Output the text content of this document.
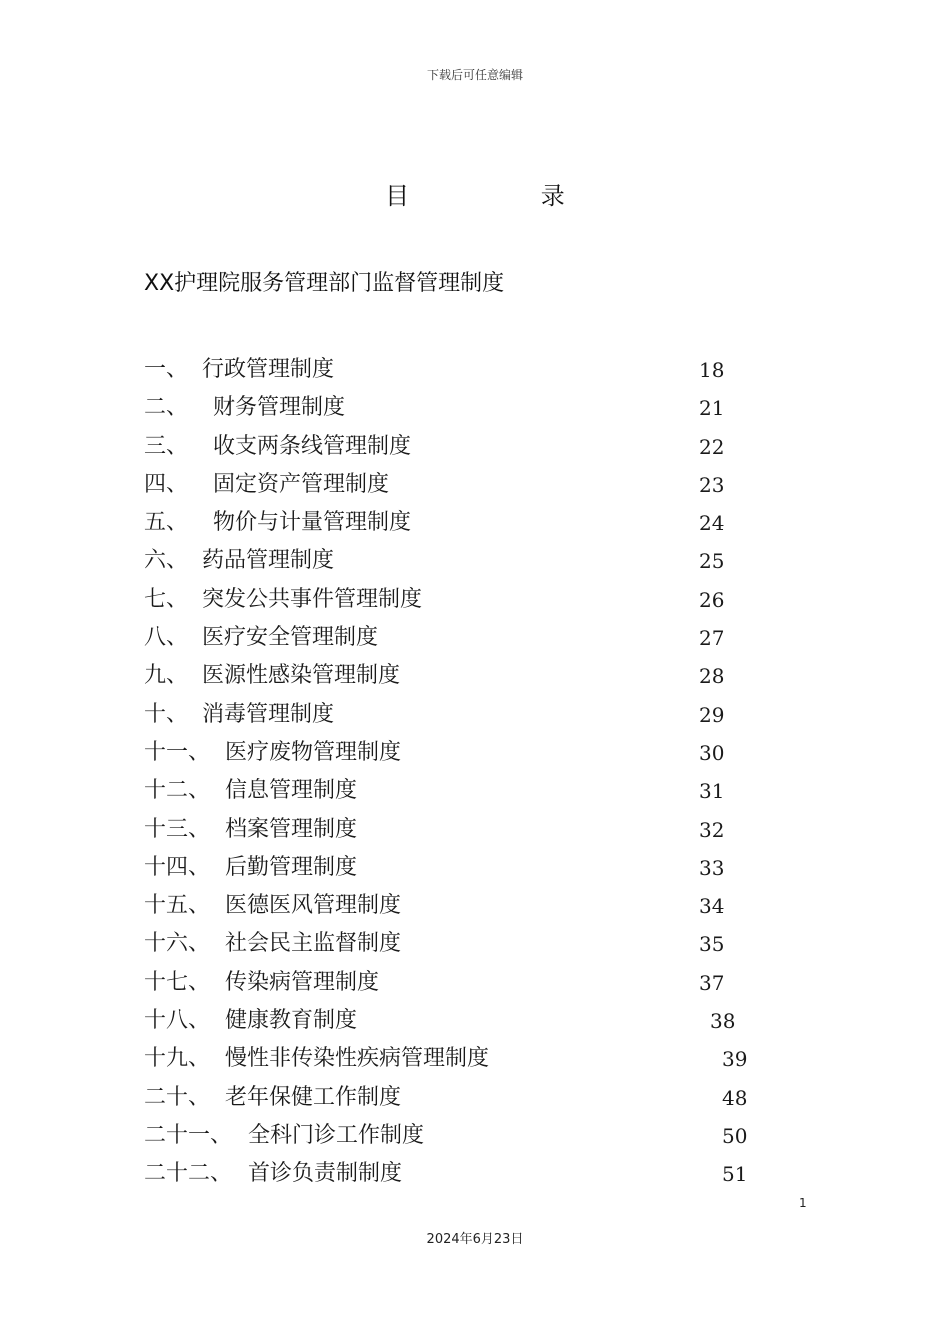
下载后可任意编辑
目 录
XX护理院服务管理部门监督管理制度
一、 行政管理制度	18
二、 财务管理制度	21
三、 收支两条线管理制度	22
四、 固定资产管理制度	23
五、 物价与计量管理制度	24
六、 药品管理制度	25
七、 突发公共事件管理制度	26
八、 医疗安全管理制度	27
九、 医源性感染管理制度	28
十、 消毒管理制度	29
十一、 医疗废物管理制度	30
十二、 信息管理制度	31
十三、 档案管理制度	32
十四、 后勤管理制度	33
十五、 医德医风管理制度	34
十六、 社会民主监督制度	35
十七、 传染病管理制度	37
十八、 健康教育制度	38
十九、 慢性非传染性疾病管理制度	39
二十、 老年保健工作制度	48
二十一、 全科门诊工作制度	50
二十二、 首诊负责制制度	51
1
2024年6月23日
